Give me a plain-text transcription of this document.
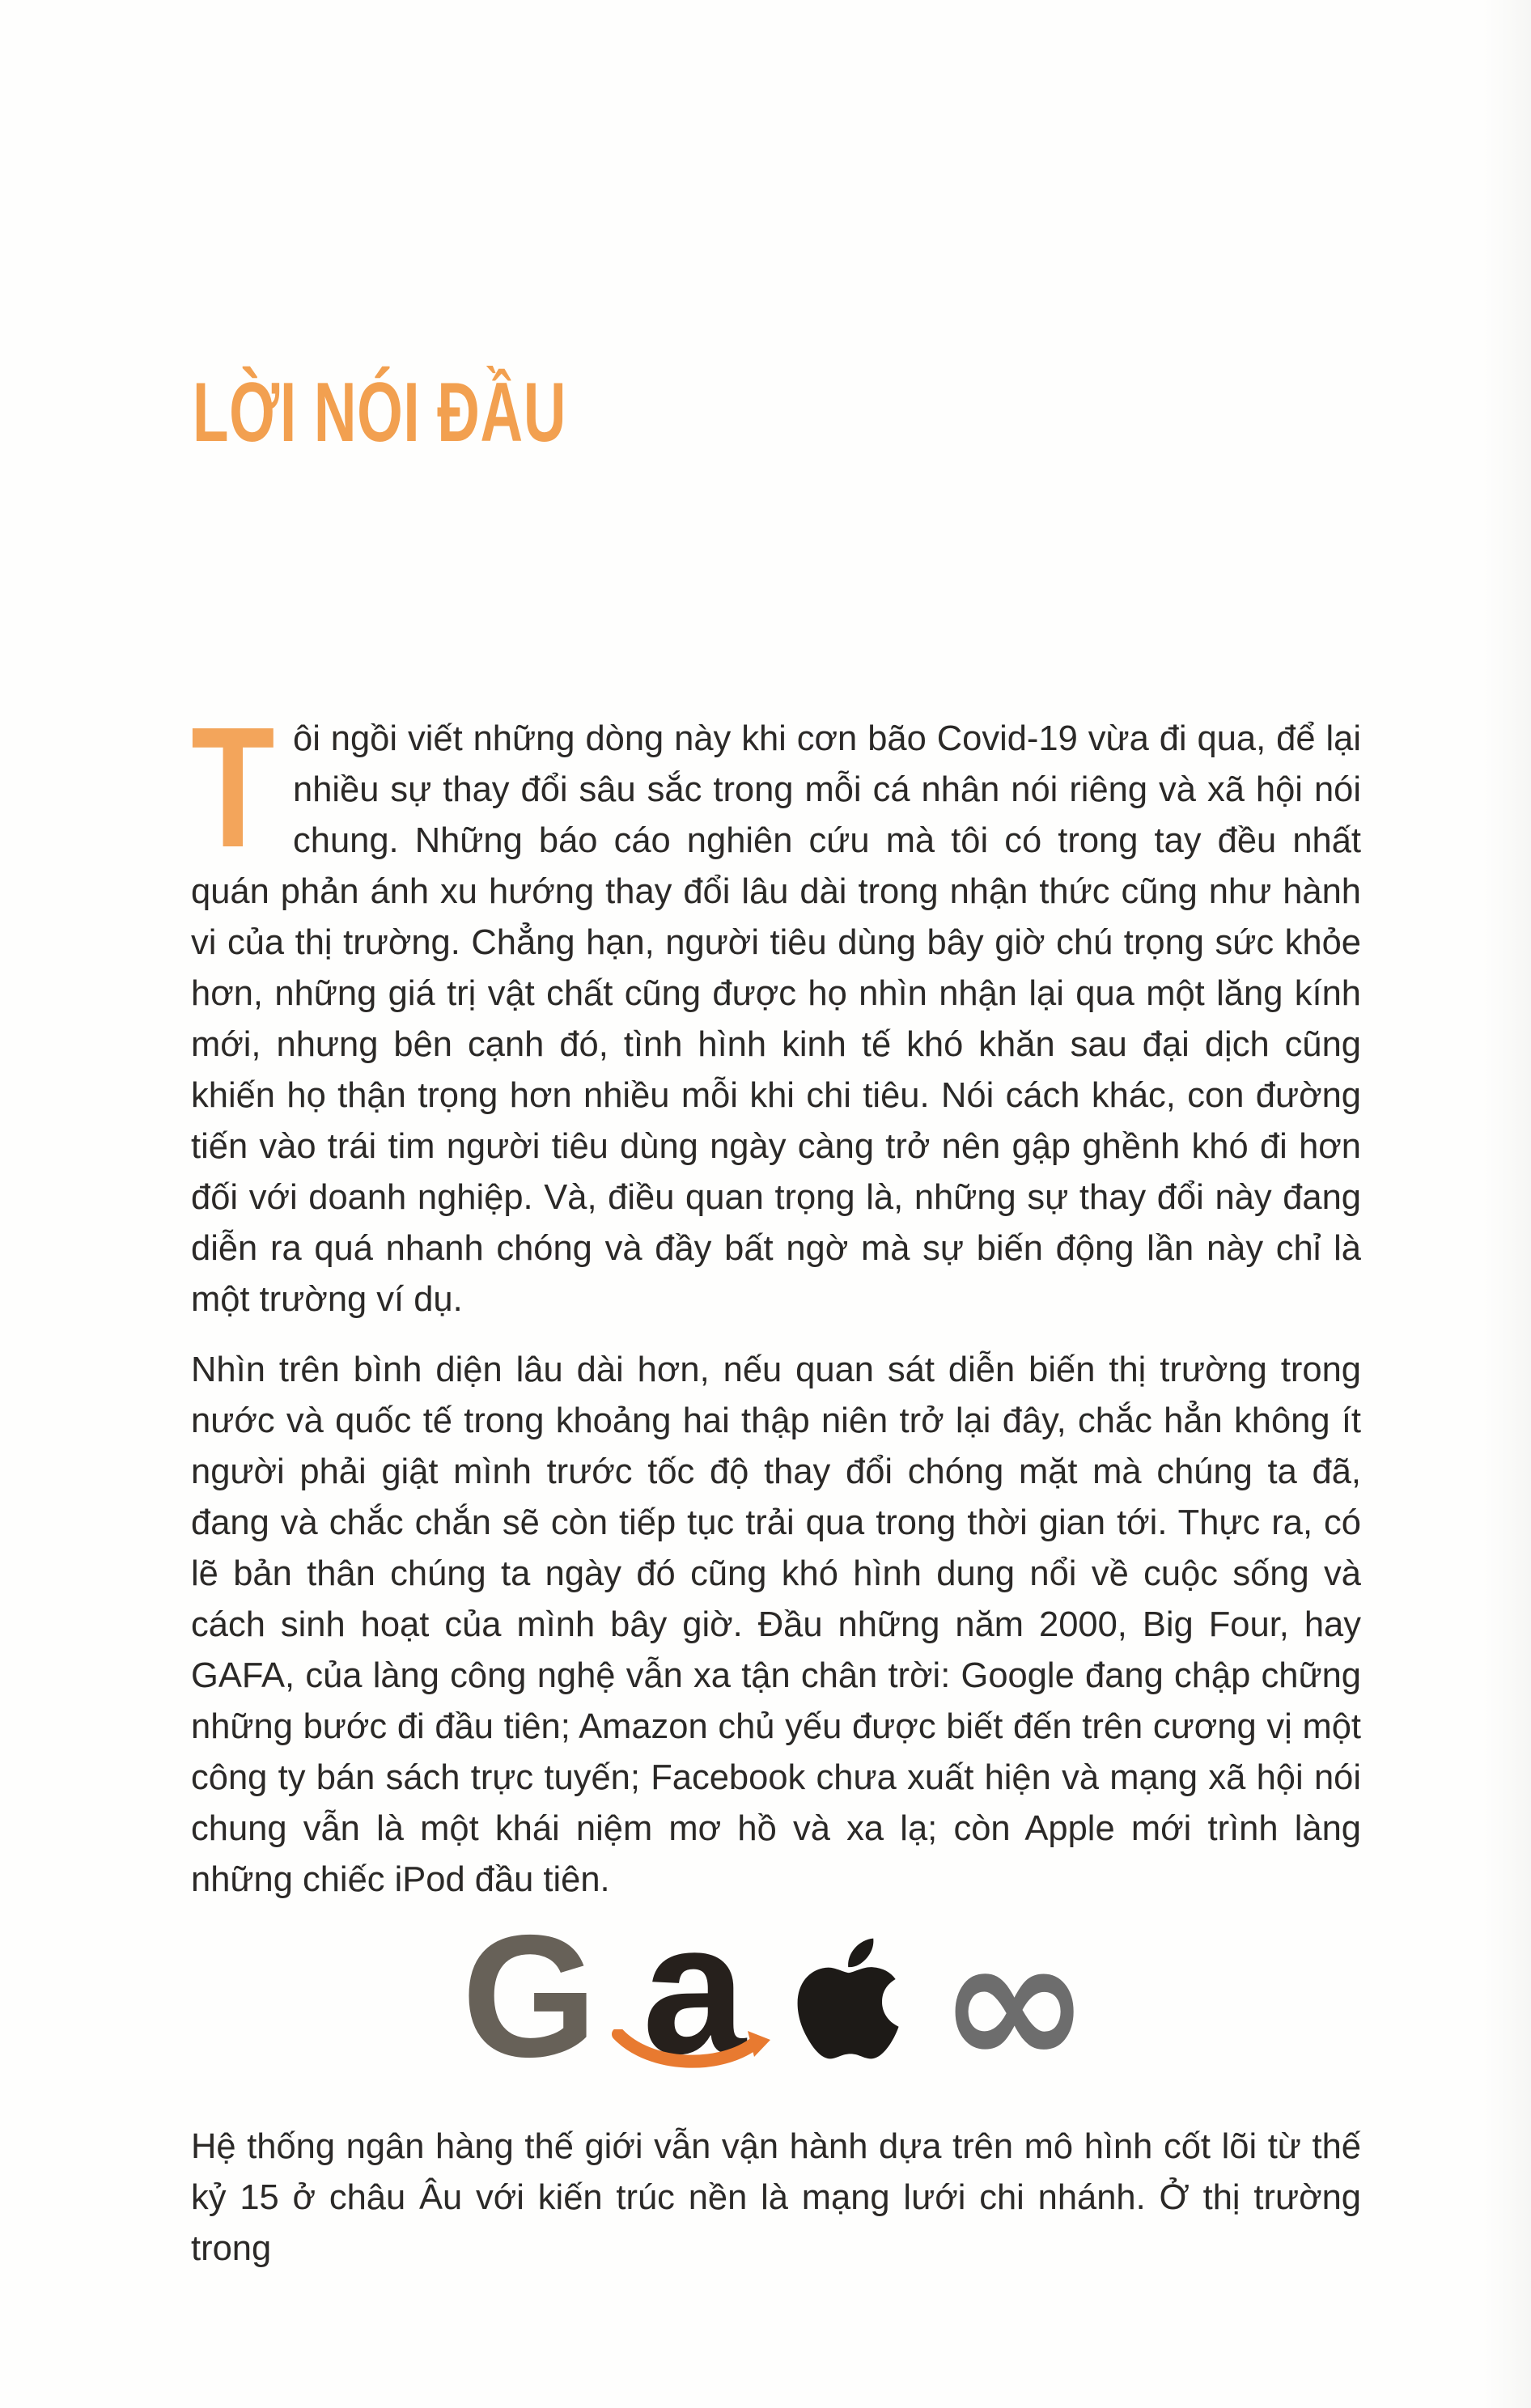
LỜI NÓI ĐẦU

T ôi ngồi viết những dòng này khi cơn bão Covid-19 vừa đi qua, để lại nhiều sự thay đổi sâu sắc trong mỗi cá nhân nói riêng và xã hội nói chung. Những báo cáo nghiên cứu mà tôi có trong tay đều nhất quán phản ánh xu hướng thay đổi lâu dài trong nhận thức cũng như hành vi của thị trường. Chẳng hạn, người tiêu dùng bây giờ chú trọng sức khỏe hơn, những giá trị vật chất cũng được họ nhìn nhận lại qua một lăng kính mới, nhưng bên cạnh đó, tình hình kinh tế khó khăn sau đại dịch cũng khiến họ thận trọng hơn nhiều mỗi khi chi tiêu. Nói cách khác, con đường tiến vào trái tim người tiêu dùng ngày càng trở nên gập ghềnh khó đi hơn đối với doanh nghiệp. Và, điều quan trọng là, những sự thay đổi này đang diễn ra quá nhanh chóng và đầy bất ngờ mà sự biến động lần này chỉ là một trường ví dụ.

Nhìn trên bình diện lâu dài hơn, nếu quan sát diễn biến thị trường trong nước và quốc tế trong khoảng hai thập niên trở lại đây, chắc hẳn không ít người phải giật mình trước tốc độ thay đổi chóng mặt mà chúng ta đã, đang và chắc chắn sẽ còn tiếp tục trải qua trong thời gian tới. Thực ra, có lẽ bản thân chúng ta ngày đó cũng khó hình dung nổi về cuộc sống và cách sinh hoạt của mình bây giờ. Đầu những năm 2000, Big Four, hay GAFA, của làng công nghệ vẫn xa tận chân trời: Google đang chập chững những bước đi đầu tiên; Amazon chủ yếu được biết đến trên cương vị một công ty bán sách trực tuyến; Facebook chưa xuất hiện và mạng xã hội nói chung vẫn là một khái niệm mơ hồ và xa lạ; còn Apple mới trình làng những chiếc iPod đầu tiên.

G a ∞

Hệ thống ngân hàng thế giới vẫn vận hành dựa trên mô hình cốt lõi từ thế kỷ 15 ở châu Âu với kiến trúc nền là mạng lưới chi nhánh. Ở thị trường trong
